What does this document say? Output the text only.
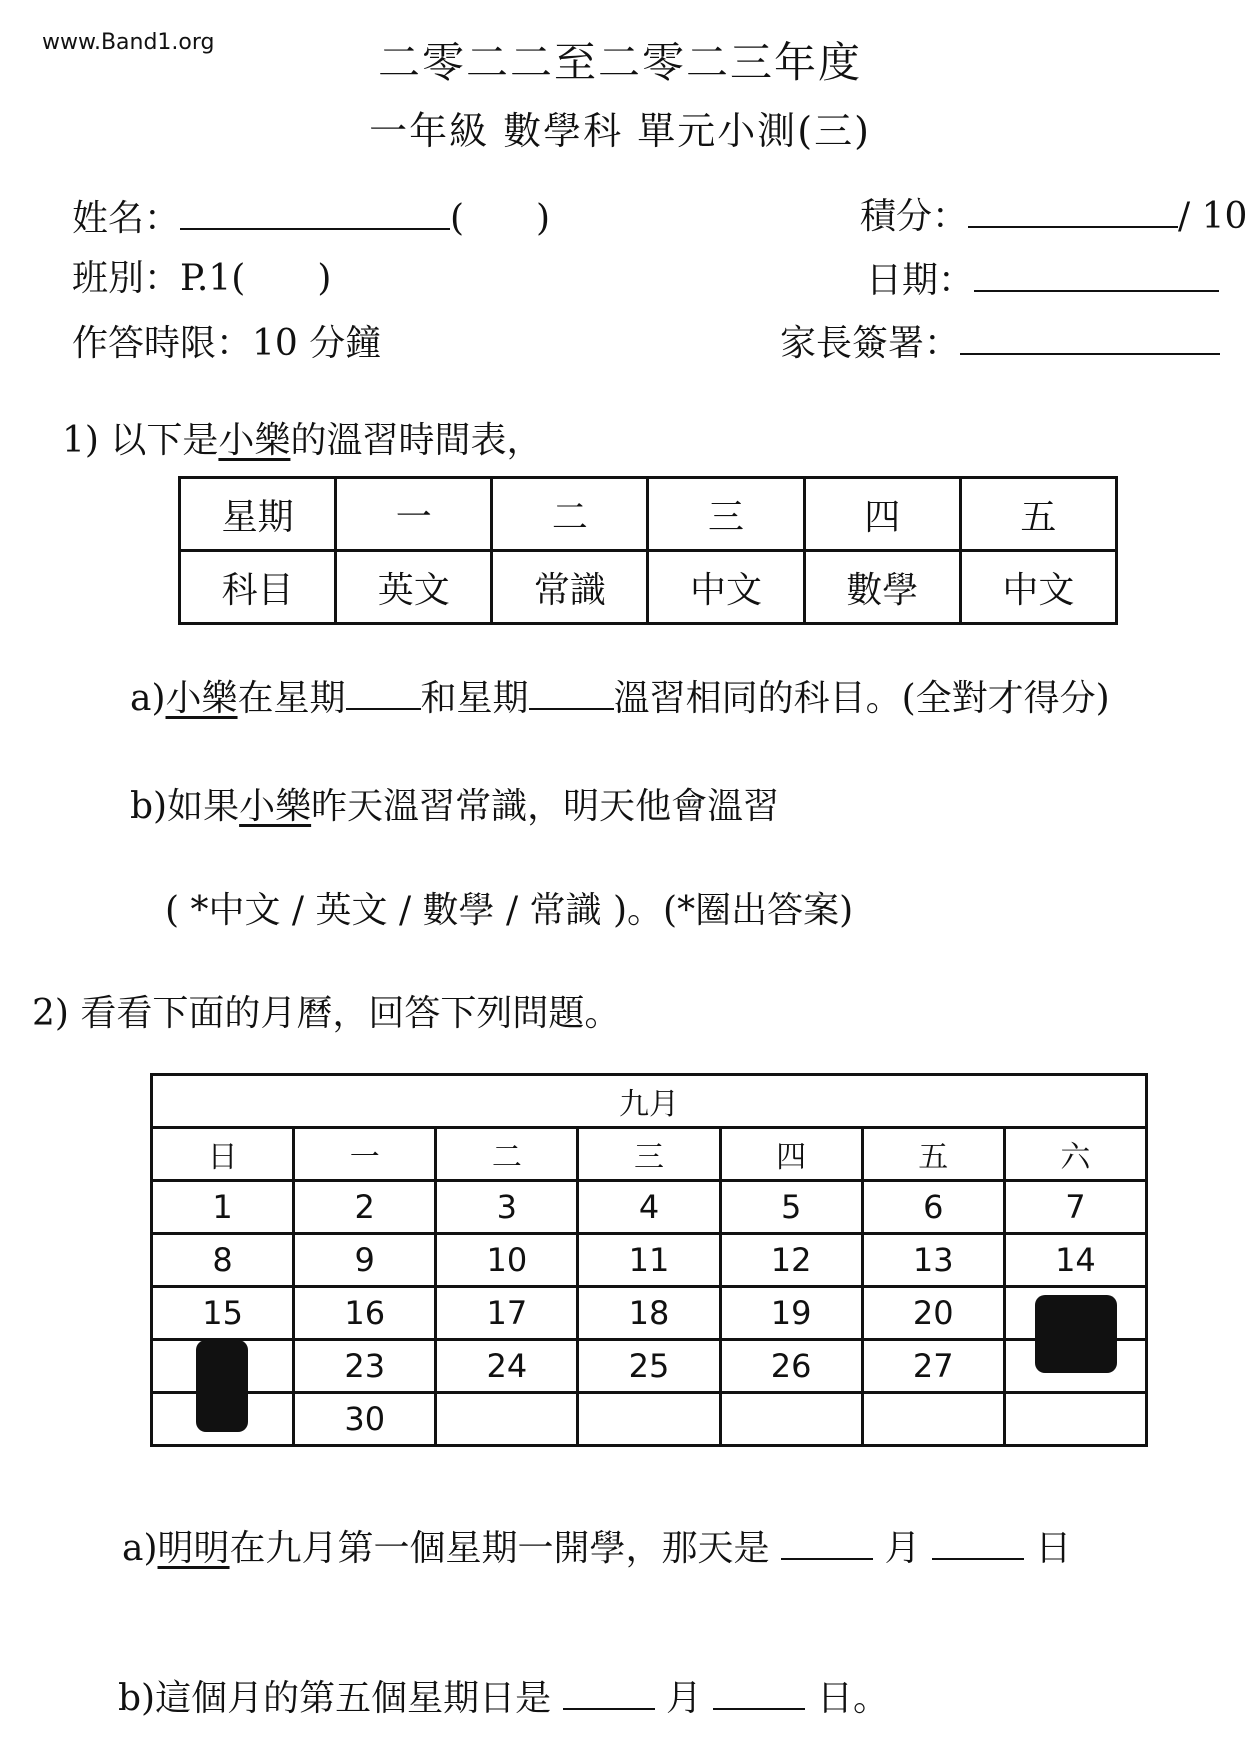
www.Band1.org	二零二二至二零二三年度
一年級 數學科 單元小測(三)
姓名：	(　　)
班別：P.1(　　)
作答時限：10 分鐘
積分：	/ 10
日期：
家長簽署：
1) 以下是小樂的溫習時間表，
星期	一	二	三	四	五
科目	英文	常識	中文	數學	中文
a)小樂在星期 和星期 溫習相同的科目。(全對才得分)
b)如果小樂昨天溫習常識，明天他會溫習
( *中文 / 英文 / 數學 / 常識 )。(*圈出答案)
2) 看看下面的月曆，回答下列問題。
九月						
日	一	二	三	四	五	六
1	2	3	4	5	6	7
8	9	10	11	12	13	14
15	16	17	18	19	20	
	23	24	25	26	27	
	30					
a)明明在九月第一個星期一開學，那天是	月	日
b)這個月的第五個星期日是	月	日。
